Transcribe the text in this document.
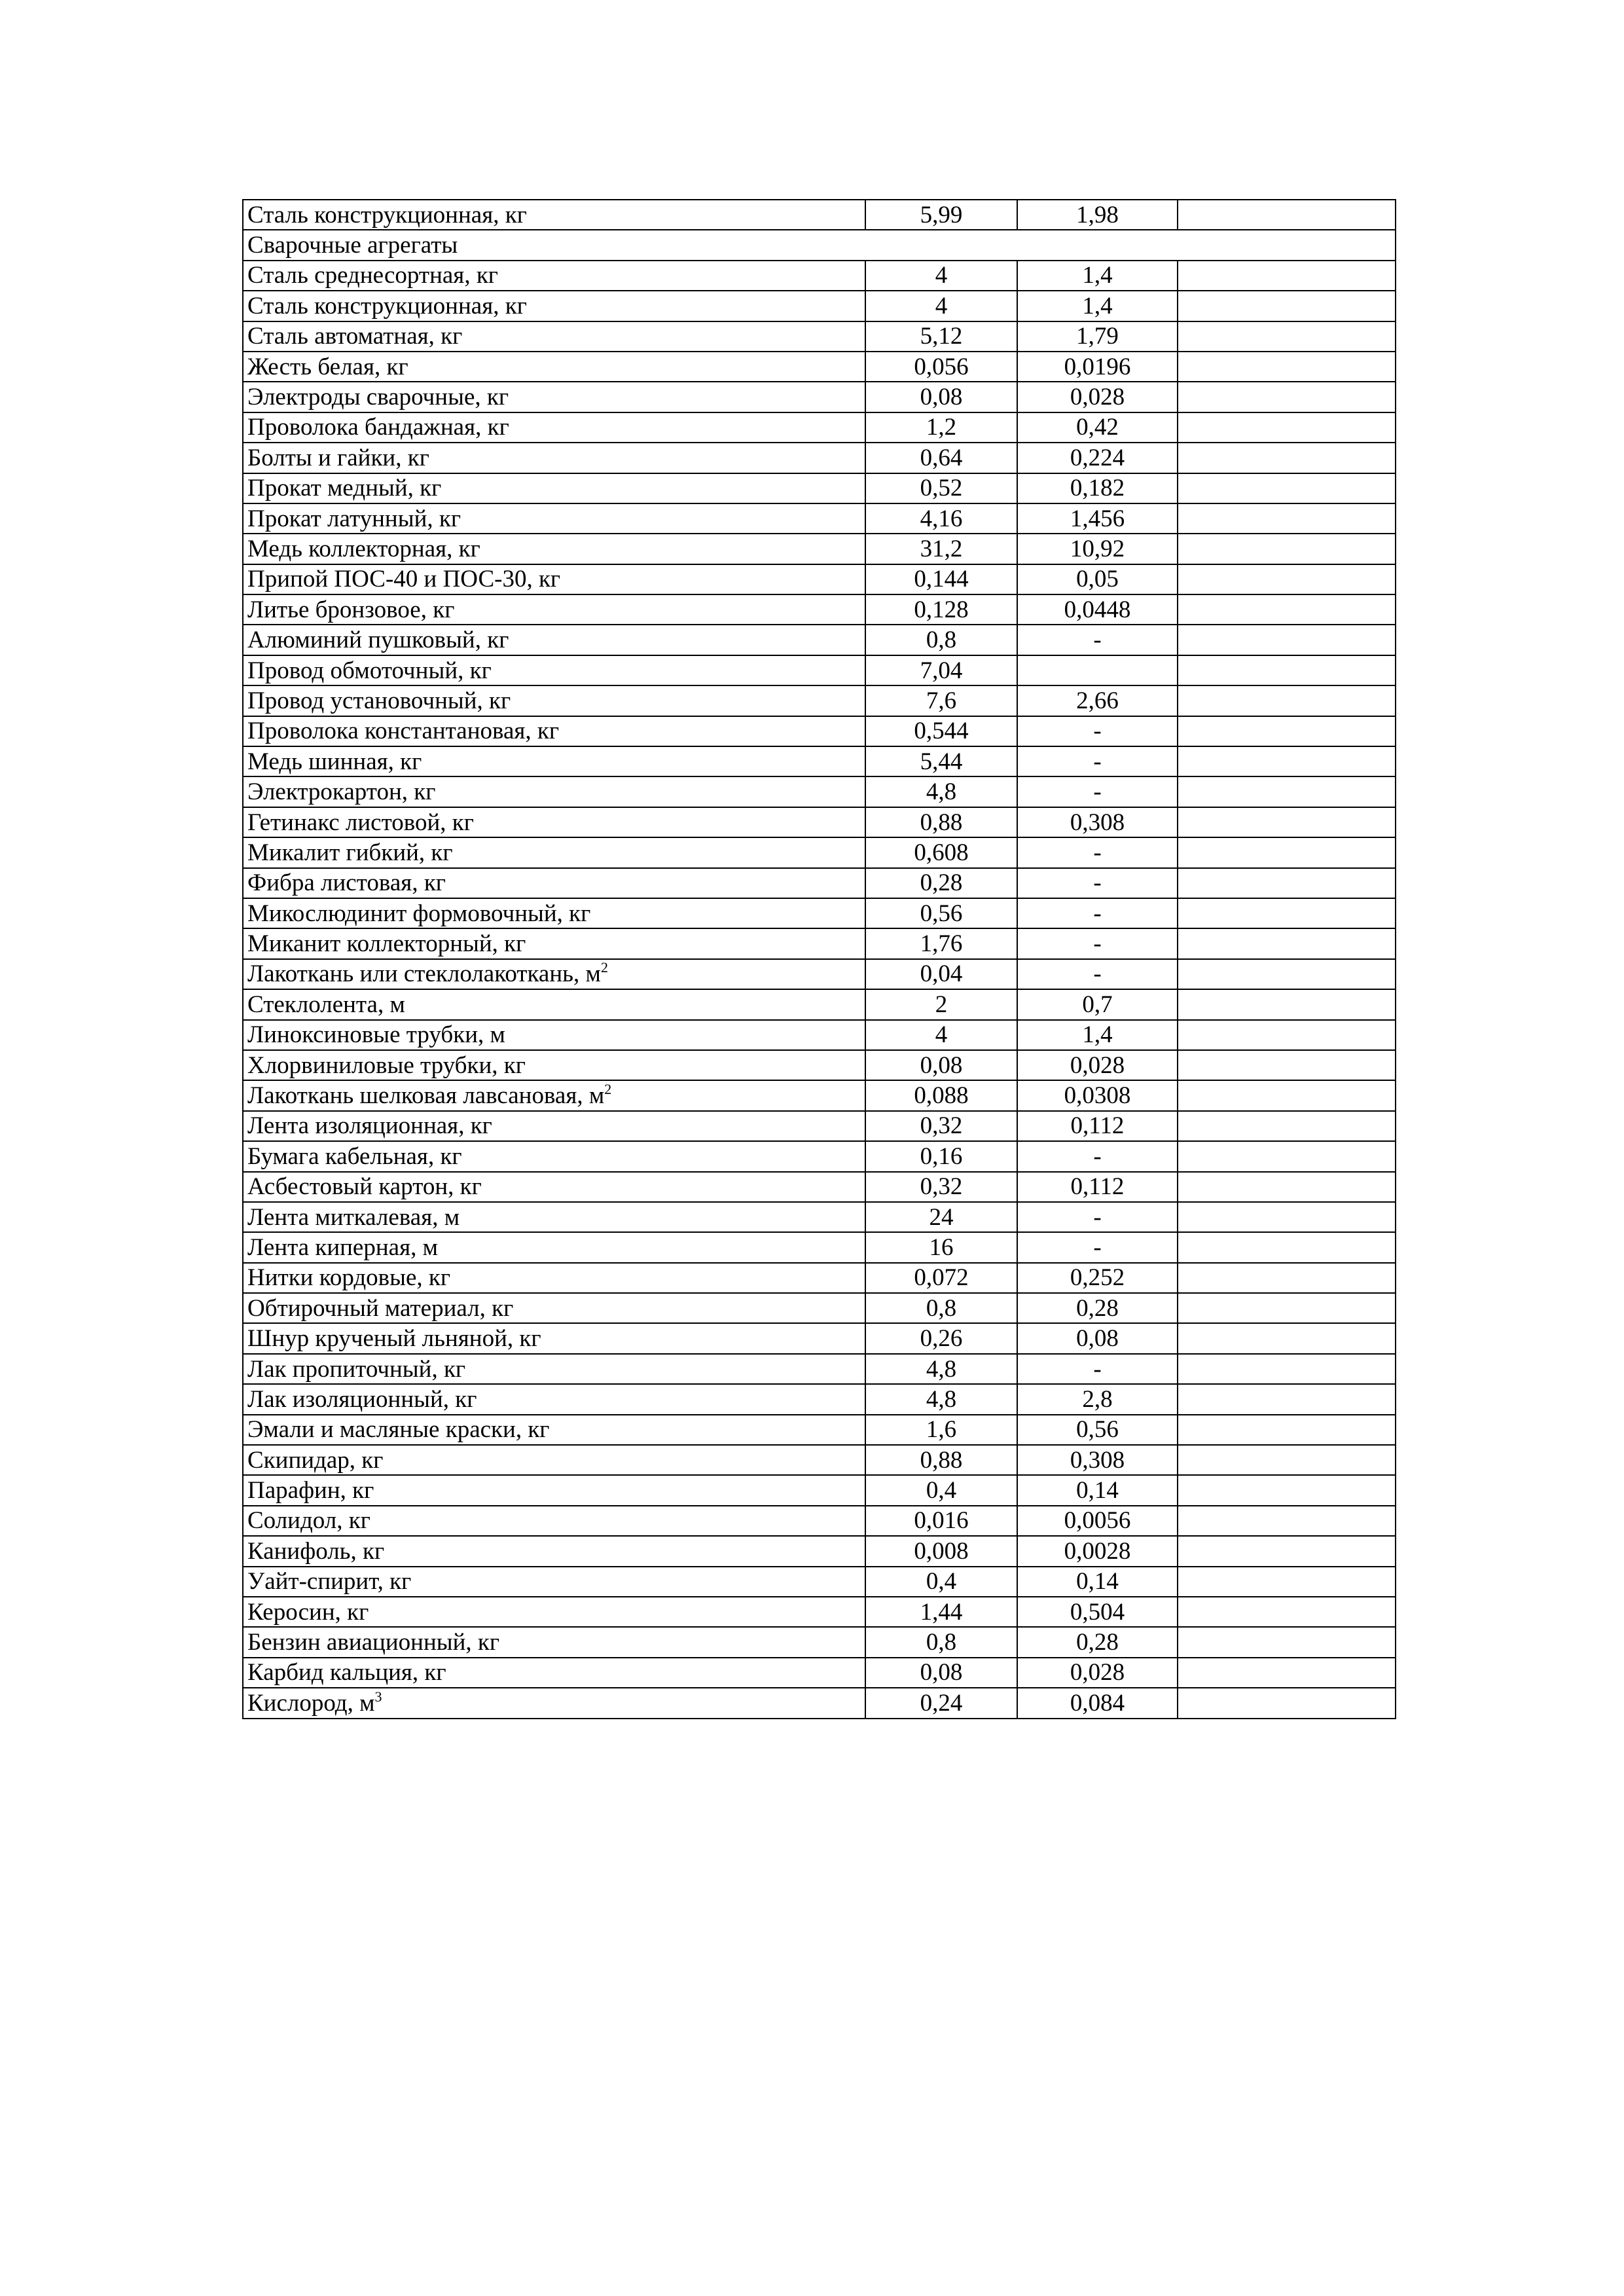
Сталь конструкционная, кг	5,99	1,98	
Сварочные агрегаты			
Сталь среднесортная, кг	4	1,4	
Сталь конструкционная, кг	4	1,4	
Сталь автоматная, кг	5,12	1,79	
Жесть белая, кг	0,056	0,0196	
Электроды сварочные, кг	0,08	0,028	
Проволока бандажная, кг	1,2	0,42	
Болты и гайки, кг	0,64	0,224	
Прокат медный, кг	0,52	0,182	
Прокат латунный, кг	4,16	1,456	
Медь коллекторная, кг	31,2	10,92	
Припой ПОС-40 и ПОС-30, кг	0,144	0,05	
Литье бронзовое, кг	0,128	0,0448	
Алюминий пушковый, кг	0,8	-	
Провод обмоточный, кг	7,04		
Провод установочный, кг	7,6	2,66	
Проволока константановая, кг	0,544	-	
Медь шинная, кг	5,44	-	
Электрокартон, кг	4,8	-	
Гетинакс листовой, кг	0,88	0,308	
Микалит гибкий, кг	0,608	-	
Фибра листовая, кг	0,28	-	
Микослюдинит формовочный, кг	0,56	-	
Миканит коллекторный, кг	1,76	-	
Лакоткань или стеклолакоткань, $м^2$	0,04	-	
Стеклолента, м	2	0,7	
Линоксиновые трубки, м	4	1,4	
Хлорвиниловые трубки, кг	0,08	0,028	
Лакоткань шелковая лавсановая, $м^2$	0,088	0,0308	
Лента изоляционная, кг	0,32	0,112	
Бумага кабельная, кг	0,16	-	
Асбестовый картон, кг	0,32	0,112	
Лента миткалевая, м	24	-	
Лента киперная, м	16	-	
Нитки кордовые, кг	0,072	0,252	
Обтирочный материал, кг	0,8	0,28	
Шнур крученый льняной, кг	0,26	0,08	
Лак пропиточный, кг	4,8	-	
Лак изоляционный, кг	4,8	2,8	
Эмали и масляные краски, кг	1,6	0,56	
Скипидар, кг	0,88	0,308	
Парафин, кг	0,4	0,14	
Солидол, кг	0,016	0,0056	
Канифоль, кг	0,008	0,0028	
Уайт-спирит, кг	0,4	0,14	
Керосин, кг	1,44	0,504	
Бензин авиационный, кг	0,8	0,28	
Карбид кальция, кг	0,08	0,028	
Кислород, $м^3$	0,24	0,084	
